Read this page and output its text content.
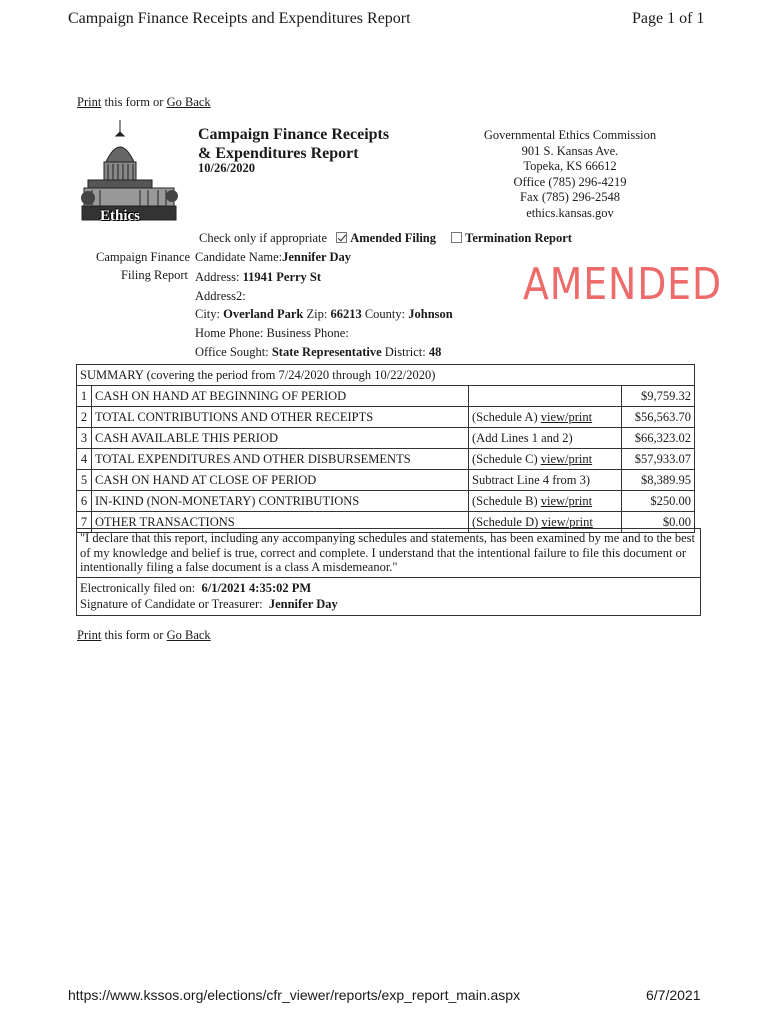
Campaign Finance Receipts and Expenditures Report	Page 1 of 1
Print this form or Go Back
Ethics
Campaign Finance Receipts
& Expenditures Report
10/26/2020
Governmental Ethics Commission
901 S. Kansas Ave.
Topeka, KS 66612
Office (785) 296-4219
Fax (785) 296-2548
ethics.kansas.gov
Check only if appropriate Amended Filing Termination Report
Campaign Finance
Filing Report
Candidate Name:Jennifer Day
Address: 11941 Perry St
Address2:
City: Overland Park Zip: 66213 County: Johnson
Home Phone: Business Phone:
Office Sought: State Representative District: 48
AMENDED
SUMMARY (covering the period from 7/24/2020 through 10/22/2020)			
1	CASH ON HAND AT BEGINNING OF PERIOD		$9,759.32
2	TOTAL CONTRIBUTIONS AND OTHER RECEIPTS	(Schedule A) view/print	$56,563.70
3	CASH AVAILABLE THIS PERIOD	(Add Lines 1 and 2)	$66,323.02
4	TOTAL EXPENDITURES AND OTHER DISBURSEMENTS	(Schedule C) view/print	$57,933.07
5	CASH ON HAND AT CLOSE OF PERIOD	Subtract Line 4 from 3)	$8,389.95
6	IN-KIND (NON-MONETARY) CONTRIBUTIONS	(Schedule B) view/print	$250.00
7	OTHER TRANSACTIONS	(Schedule D) view/print	$0.00
"I declare that this report, including any accompanying schedules and statements, has been examined by me and to the best of my knowledge and belief is true, correct and complete. I understand that the intentional failure to file this document or intentionally filing a false document is a class A misdemeanor."
Electronically filed on: 6/1/2021 4:35:02 PM
Signature of Candidate or Treasurer: Jennifer Day
Print this form or Go Back
https://www.kssos.org/elections/cfr_viewer/reports/exp_report_main.aspx	6/7/2021
